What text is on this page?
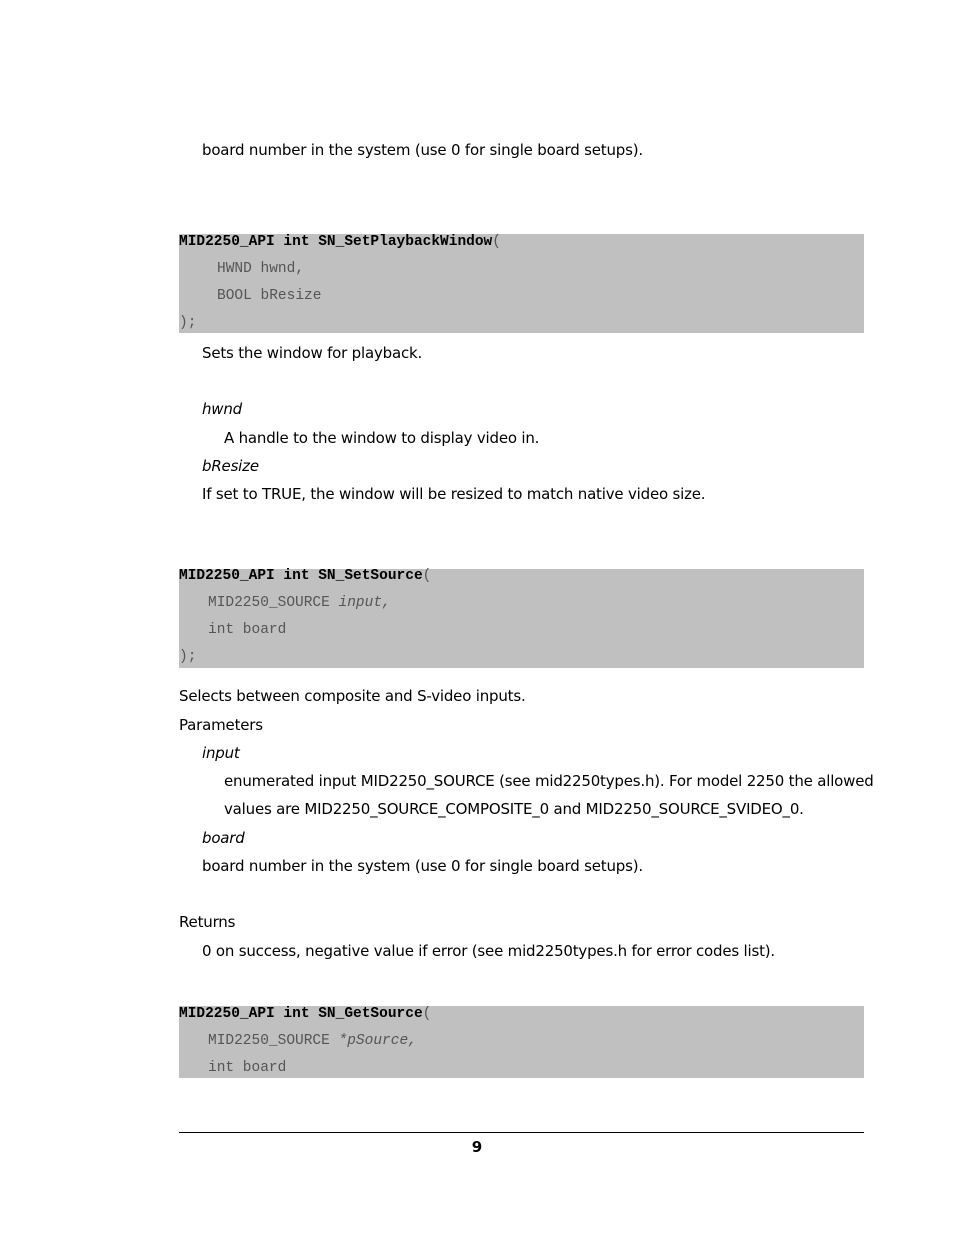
board number in the system (use 0 for single board setups).
MID2250_API int SN_SetPlaybackWindow(
HWND hwnd,
BOOL bResize
);
Sets the window for playback.
hwnd
A handle to the window to display video in.
bResize
If set to TRUE, the window will be resized to match native video size.
MID2250_API int SN_SetSource(
MID2250_SOURCE input,
int board
);
Selects between composite and S-video inputs.
Parameters
input
enumerated input MID2250_SOURCE (see mid2250types.h). For model 2250 the allowed
values are MID2250_SOURCE_COMPOSITE_0 and MID2250_SOURCE_SVIDEO_0.
board
board number in the system (use 0 for single board setups).
Returns
0 on success, negative value if error (see mid2250types.h for error codes list).
MID2250_API int SN_GetSource(
MID2250_SOURCE *pSource,
int board
9
